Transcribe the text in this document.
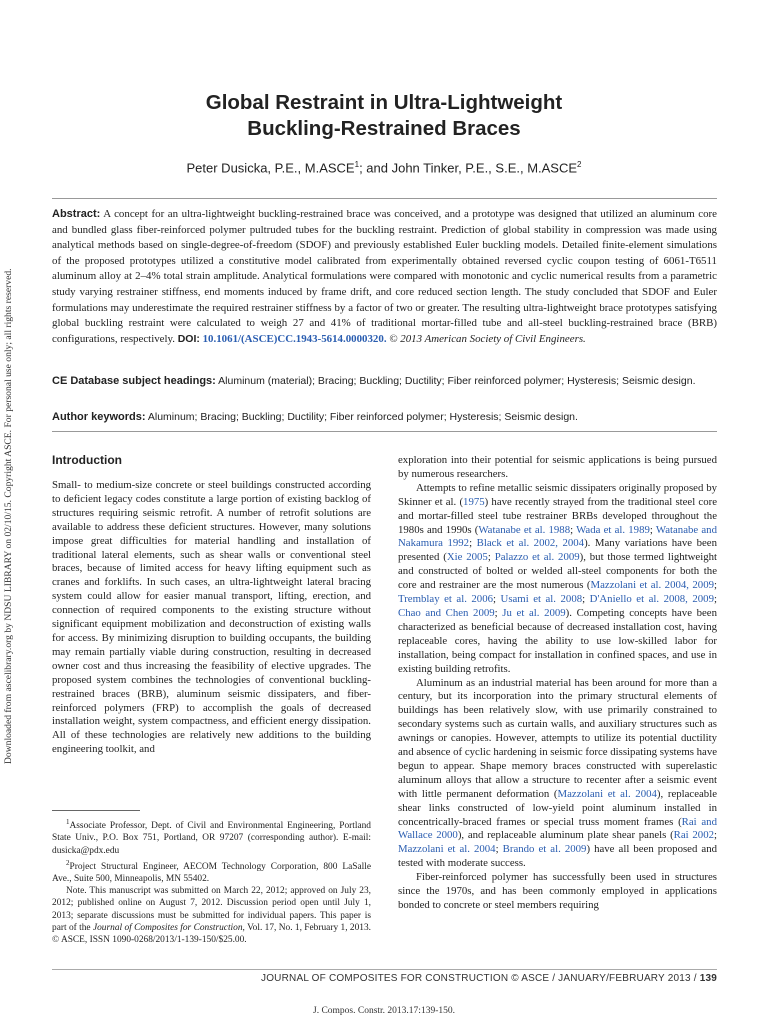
Downloaded from ascelibrary.org by NDSU LIBRARY on 02/10/15. Copyright ASCE. For personal use only; all rights reserved.
Global Restraint in Ultra-Lightweight
Buckling-Restrained Braces
Peter Dusicka, P.E., M.ASCE$^1$; and John Tinker, P.E., S.E., M.ASCE$^2$

Abstract: A concept for an ultra-lightweight buckling-restrained brace was conceived, and a prototype was designed that utilized an aluminum core and bundled glass fiber-reinforced polymer pultruded tubes for the buckling restraint. Prediction of global stability in compression was made using analytical methods based on single-degree-of-freedom (SDOF) and previously established Euler buckling models. Detailed finite-element simulations of the proposed prototypes utilized a constitutive model calibrated from experimentally obtained reversed cyclic coupon testing of 6061-T6511 aluminum alloy at 2–4% total strain amplitude. Analytical formulations were compared with monotonic and cyclic numerical results from a parametric study varying restrainer stiffness, end moments induced by frame drift, and core reduced section length. The study concluded that SDOF and Euler formulations may underestimate the required restrainer stiffness by a factor of two or greater. The resulting ultra-lightweight brace prototypes satisfying global buckling restraint were calculated to weigh 27 and 41% of traditional mortar-filled tube and all-steel buckling-restrained brace (BRB) configurations, respectively. DOI: 10.1061/(ASCE)CC.1943-5614.0000320. © 2013 American Society of Civil Engineers.

CE Database subject headings: Aluminum (material); Bracing; Buckling; Ductility; Fiber reinforced polymer; Hysteresis; Seismic design.

Author keywords: Aluminum; Bracing; Buckling; Ductility; Fiber reinforced polymer; Hysteresis; Seismic design.

Introduction

Small- to medium-size concrete or steel buildings constructed according to deficient legacy codes constitute a large portion of existing backlog of structures requiring seismic retrofit. A number of retrofit solutions are available to address these deficient structures. However, many solutions impose great difficulties for material handling and installation of traditional lateral elements, such as shear walls or conventional steel braces, because of limited access for heavy lifting equipment such as cranes and forklifts. In such cases, an ultra-lightweight lateral bracing system could allow for easier manual transport, lifting, erection, and connection of required components to the existing structure without significant equipment mobilization and deconstruction of existing walls for access. By minimizing disruption to building occupants, the building may remain partially viable during construction, resulting in decreased owner cost and thus increasing the feasibility of elective upgrades. The proposed system combines the technologies of conventional buckling-restrained braces (BRB), aluminum seismic dissipaters, and fiber-reinforced polymers (FRP) to accomplish the goals of decreased installation weight, system compactness, and efficient energy dissipation. All of these technologies are relatively new additions to the building engineering toolkit, and

exploration into their potential for seismic applications is being pursued by numerous researchers.

Attempts to refine metallic seismic dissipaters originally proposed by Skinner et al. (1975) have recently strayed from the traditional steel core and mortar-filled steel tube restrainer BRBs developed throughout the 1980s and 1990s (Watanabe et al. 1988; Wada et al. 1989; Watanabe and Nakamura 1992; Black et al. 2002, 2004). Many variations have been presented (Xie 2005; Palazzo et al. 2009), but those termed lightweight and constructed of bolted or welded all-steel components for both the core and restrainer are the most numerous (Mazzolani et al. 2004, 2009; Tremblay et al. 2006; Usami et al. 2008; D'Aniello et al. 2008, 2009; Chao and Chen 2009; Ju et al. 2009). Competing concepts have been characterized as beneficial because of decreased installation cost, having replaceable cores, having the ability to use low-skilled labor for installation, being compact for installation in confined spaces, and use in existing building retrofits.

Aluminum as an industrial material has been around for more than a century, but its incorporation into the primary structural elements of buildings has been relatively slow, with use primarily constrained to secondary systems such as curtain walls, and auxiliary structures such as awnings or canopies. However, attempts to utilize its potential ductility and absence of cyclic hardening in seismic force dissipating systems have begun to appear. Shape memory braces constructed with superelastic aluminum alloys that allow a structure to recenter after a seismic event with little permanent deformation (Mazzolani et al. 2004), replaceable shear links constructed of low-yield point aluminum installed in concentrically-braced frames or special truss moment frames (Rai and Wallace 2000), and replaceable aluminum plate shear panels (Rai 2002; Mazzolani et al. 2004; Brando et al. 2009) have all been proposed and tested with moderate success.

Fiber-reinforced polymer has successfully been used in structures since the 1970s, and has been commonly employed in applications bonded to concrete or steel members requiring

$^1$Associate Professor, Dept. of Civil and Environmental Engineering, Portland State Univ., P.O. Box 751, Portland, OR 97207 (corresponding author). E-mail: dusicka@pdx.edu

$^2$Project Structural Engineer, AECOM Technology Corporation, 800 LaSalle Ave., Suite 500, Minneapolis, MN 55402.

Note. This manuscript was submitted on March 22, 2012; approved on July 23, 2012; published online on August 7, 2012. Discussion period open until July 1, 2013; separate discussions must be submitted for individual papers. This paper is part of the Journal of Composites for Construction, Vol. 17, No. 1, February 1, 2013. © ASCE, ISSN 1090-0268/2013/1-139-150/$25.00.

JOURNAL OF COMPOSITES FOR CONSTRUCTION © ASCE / JANUARY/FEBRUARY 2013 / 139
J. Compos. Constr. 2013.17:139-150.
